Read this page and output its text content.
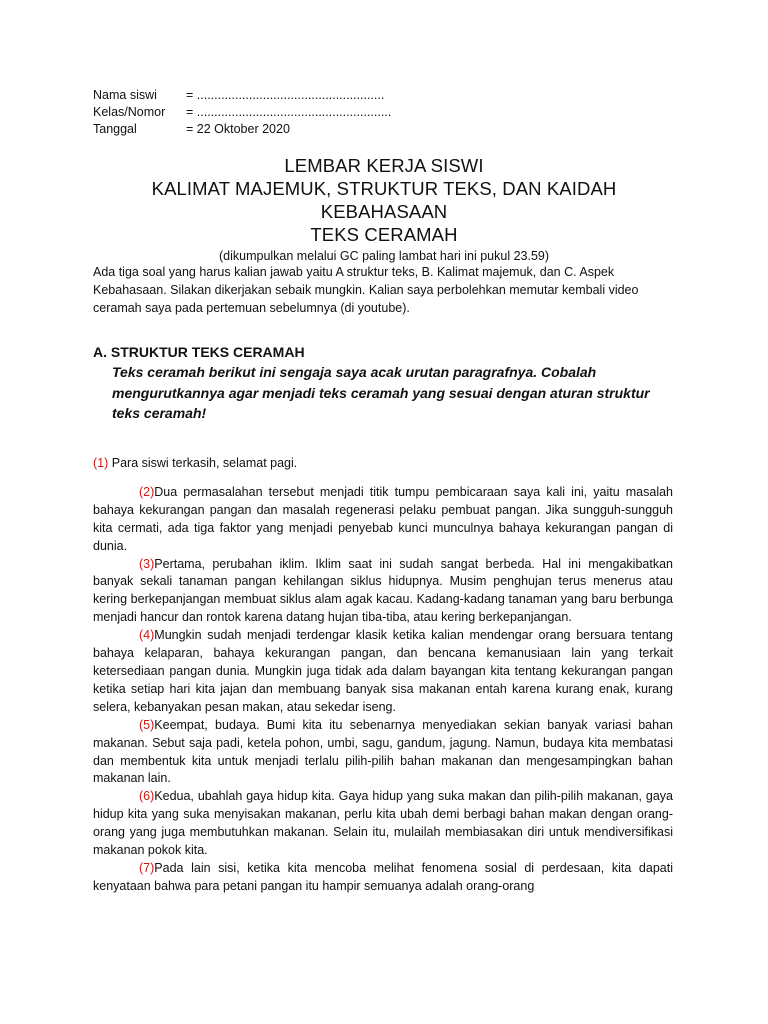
Nama siswi	= ......................................................
Kelas/Nomor	= ........................................................
Tanggal	= 22 Oktober 2020
LEMBAR KERJA SISWI
KALIMAT MAJEMUK, STRUKTUR TEKS, DAN KAIDAH KEBAHASAAN
TEKS CERAMAH
(dikumpulkan melalui GC paling lambat hari ini pukul 23.59)
Ada tiga soal yang harus kalian jawab yaitu A struktur teks, B. Kalimat majemuk, dan C. Aspek Kebahasaan. Silakan dikerjakan sebaik mungkin. Kalian saya perbolehkan memutar kembali video ceramah saya pada pertemuan sebelumnya (di youtube).
A. STRUKTUR TEKS CERAMAH
Teks ceramah berikut ini sengaja saya acak urutan paragrafnya. Cobalah mengurutkannya agar menjadi teks ceramah yang sesuai dengan aturan struktur teks ceramah!

(1) Para siswi terkasih, selamat pagi.

(2)Dua permasalahan tersebut menjadi titik tumpu pembicaraan saya kali ini, yaitu masalah bahaya kekurangan pangan dan masalah regenerasi pelaku pembuat pangan. Jika sungguh-sungguh kita cermati, ada tiga faktor yang menjadi penyebab kunci munculnya bahaya kekurangan pangan di dunia.

(3)Pertama, perubahan iklim. Iklim saat ini sudah sangat berbeda. Hal ini mengakibatkan banyak sekali tanaman pangan kehilangan siklus hidupnya. Musim penghujan terus menerus atau kering berkepanjangan membuat siklus alam agak kacau. Kadang-kadang tanaman yang baru berbunga menjadi hancur dan rontok karena datang hujan tiba-tiba, atau kering berkepanjangan.

(4)Mungkin sudah menjadi terdengar klasik ketika kalian mendengar orang bersuara tentang bahaya kelaparan, bahaya kekurangan pangan, dan bencana kemanusiaan lain yang terkait ketersediaan pangan dunia. Mungkin juga tidak ada dalam bayangan kita tentang kekurangan pangan ketika setiap hari kita jajan dan membuang banyak sisa makanan entah karena kurang enak, kurang selera, kebanyakan pesan makan, atau sekedar iseng.

(5)Keempat, budaya. Bumi kita itu sebenarnya menyediakan sekian banyak variasi bahan makanan. Sebut saja padi, ketela pohon, umbi, sagu, gandum, jagung. Namun, budaya kita membatasi dan membentuk kita untuk menjadi terlalu pilih-pilih bahan makanan dan mengesampingkan bahan makanan lain.

(6)Kedua, ubahlah gaya hidup kita. Gaya hidup yang suka makan dan pilih-pilih makanan, gaya hidup kita yang suka menyisakan makanan, perlu kita ubah demi berbagi bahan makan dengan orang-orang yang juga membutuhkan makanan. Selain itu, mulailah membiasakan diri untuk mendiversifikasi makanan pokok kita.

(7)Pada lain sisi, ketika kita mencoba melihat fenomena sosial di perdesaan, kita dapati kenyataan bahwa para petani pangan itu hampir semuanya adalah orang-orang
